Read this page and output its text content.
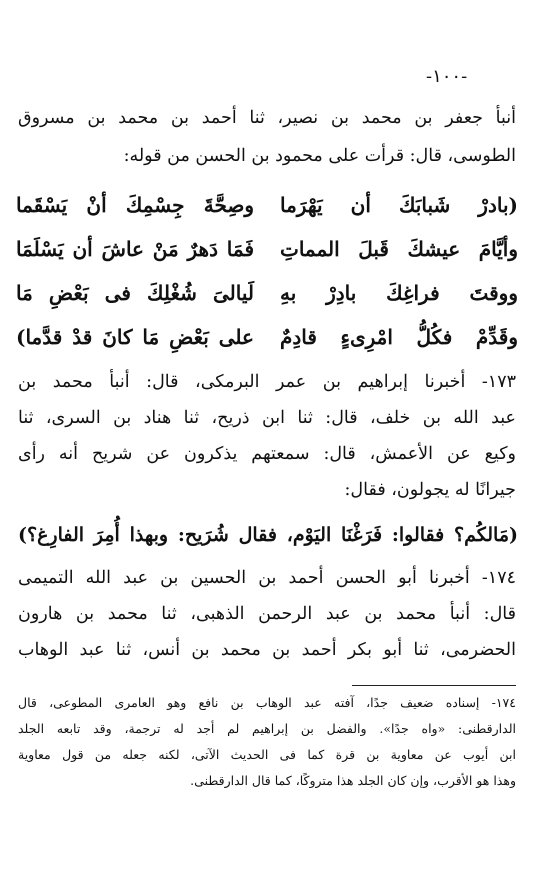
-١٠٠-
أنبأ جعفر بن محمد بن نصير، ثنا أحمد بن محمد بن مسروق
الطوسى، قال: قرأت على محمود بن الحسن من قوله:
(بادرْ شَبابَكَ أن يَهْرَما
وصِحَّةَ جِسْمِكَ أنْ يَسْقَما
وأيَّامَ عيشكَ قَبلَ المماتِ
فَمَا دَهرٌ مَنْ عاشَ أن يَسْلَمَا
ووقتَ فراغِكَ بادِرْ بهِ
لَيالىَ شُغْلِكَ فى بَعْضِ مَا
وقَدِّمْ فكُلُّ امْرِىءٍ قادِمٌ
على بَعْضِ مَا كانَ قدْ قدَّما)
١٧٣- أخبرنا إبراهيم بن عمر البرمكى، قال: أنبأ محمد بن
عبد الله بن خلف، قال: ثنا ابن ذريح، ثنا هناد بن السرى، ثنا
وكيع عن الأعمش، قال: سمعتهم يذكرون عن شريح أنه رأى
جيرانًا له يجولون، فقال:
(مَالكُم؟ فقالوا: فَرَغْنَا اليَوْم، فقال شُرَيح: وبهذا أُمِرَ الفارِغ؟)
١٧٤- أخبرنا أبو الحسن أحمد بن الحسين بن عبد الله التميمى
قال: أنبأ محمد بن عبد الرحمن الذهبى، ثنا محمد بن هارون
الحضرمى، ثنا أبو بكر أحمد بن محمد بن أنس، ثنا عبد الوهاب
١٧٤- إسناده ضعيف جدًا، آفته عبد الوهاب بن نافع وهو العامرى المطوعى، قال
الدارقطنى: «واه جدًا». والفضل بن إبراهيم لم أجد له ترجمة، وقد تابعه الجلد
ابن أيوب عن معاوية بن قرة كما فى الحديث الآتى، لكنه جعله من قول معاوية
وهذا هو الأقرب، وإن كان الجلد هذا متروكًا، كما قال الدارقطنى.
